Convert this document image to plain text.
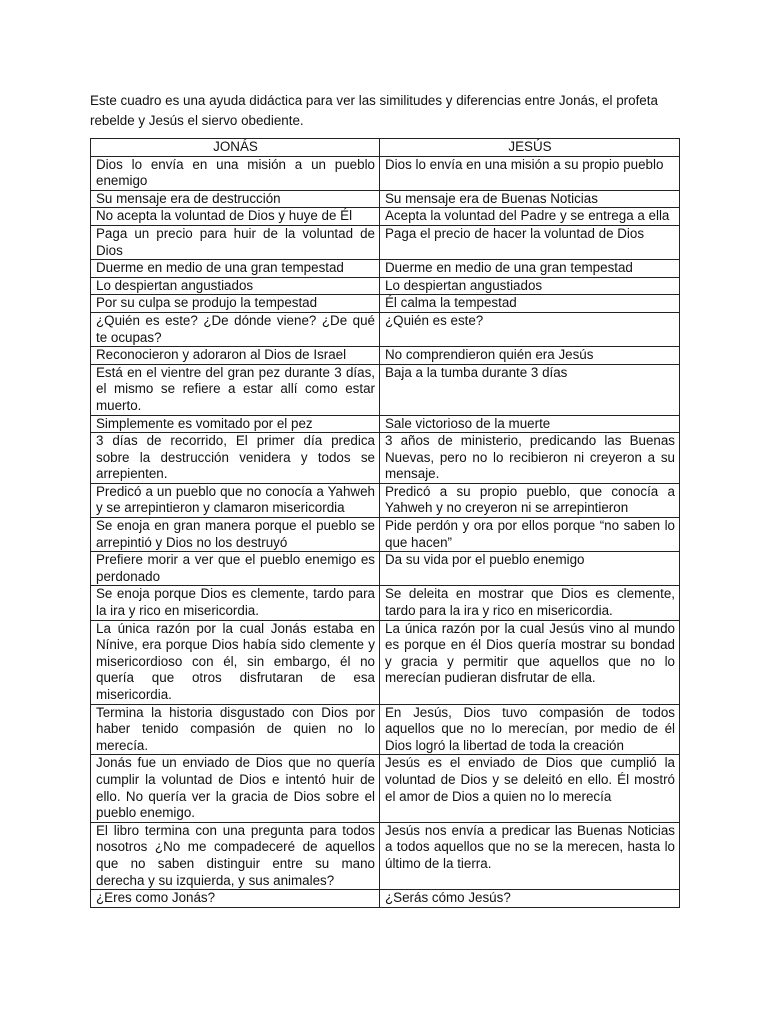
Este cuadro es una ayuda didáctica para ver las similitudes y diferencias entre Jonás, el profeta
rebelde y Jesús el siervo obediente.

JONÁS	JESÚS
Dios lo envía en una misión a un pueblo enemigo	Dios lo envía en una misión a su propio pueblo
Su mensaje era de destrucción	Su mensaje era de Buenas Noticias
No acepta la voluntad de Dios y huye de Él	Acepta la voluntad del Padre y se entrega a ella
Paga un precio para huir de la voluntad de Dios	Paga el precio de hacer la voluntad de Dios
Duerme en medio de una gran tempestad	Duerme en medio de una gran tempestad
Lo despiertan angustiados	Lo despiertan angustiados
Por su culpa se produjo la tempestad	Él calma la tempestad
¿Quién es este? ¿De dónde viene? ¿De qué te ocupas?	¿Quién es este?
Reconocieron y adoraron al Dios de Israel	No comprendieron quién era Jesús
Está en el vientre del gran pez durante 3 días, el mismo se refiere a estar allí como estar muerto.	Baja a la tumba durante 3 días
Simplemente es vomitado por el pez	Sale victorioso de la muerte
3 días de recorrido, El primer día predica sobre la destrucción venidera y todos se arrepienten.	3 años de ministerio, predicando las Buenas Nuevas, pero no lo recibieron ni creyeron a su mensaje.
Predicó a un pueblo que no conocía a Yahweh y se arrepintieron y clamaron misericordia	Predicó a su propio pueblo, que conocía a Yahweh y no creyeron ni se arrepintieron
Se enoja en gran manera porque el pueblo se arrepintió y Dios no los destruyó	Pide perdón y ora por ellos porque “no saben lo que hacen”
Prefiere morir a ver que el pueblo enemigo es perdonado	Da su vida por el pueblo enemigo
Se enoja porque Dios es clemente, tardo para la ira y rico en misericordia.	Se deleita en mostrar que Dios es clemente, tardo para la ira y rico en misericordia.
La única razón por la cual Jonás estaba en Nínive, era porque Dios había sido clemente y misericordioso con él, sin embargo, él no quería que otros disfrutaran de esa misericordia.	La única razón por la cual Jesús vino al mundo es porque en él Dios quería mostrar su bondad y gracia y permitir que aquellos que no lo merecían pudieran disfrutar de ella.
Termina la historia disgustado con Dios por haber tenido compasión de quien no lo merecía.	En Jesús, Dios tuvo compasión de todos aquellos que no lo merecían, por medio de él Dios logró la libertad de toda la creación
Jonás fue un enviado de Dios que no quería cumplir la voluntad de Dios e intentó huir de ello. No quería ver la gracia de Dios sobre el pueblo enemigo.	Jesús es el enviado de Dios que cumplió la voluntad de Dios y se deleitó en ello. Él mostró el amor de Dios a quien no lo merecía
El libro termina con una pregunta para todos nosotros ¿No me compadeceré de aquellos que no saben distinguir entre su mano derecha y su izquierda, y sus animales?	Jesús nos envía a predicar las Buenas Noticias a todos aquellos que no se la merecen, hasta lo último de la tierra.
¿Eres como Jonás?	¿Serás cómo Jesús?
